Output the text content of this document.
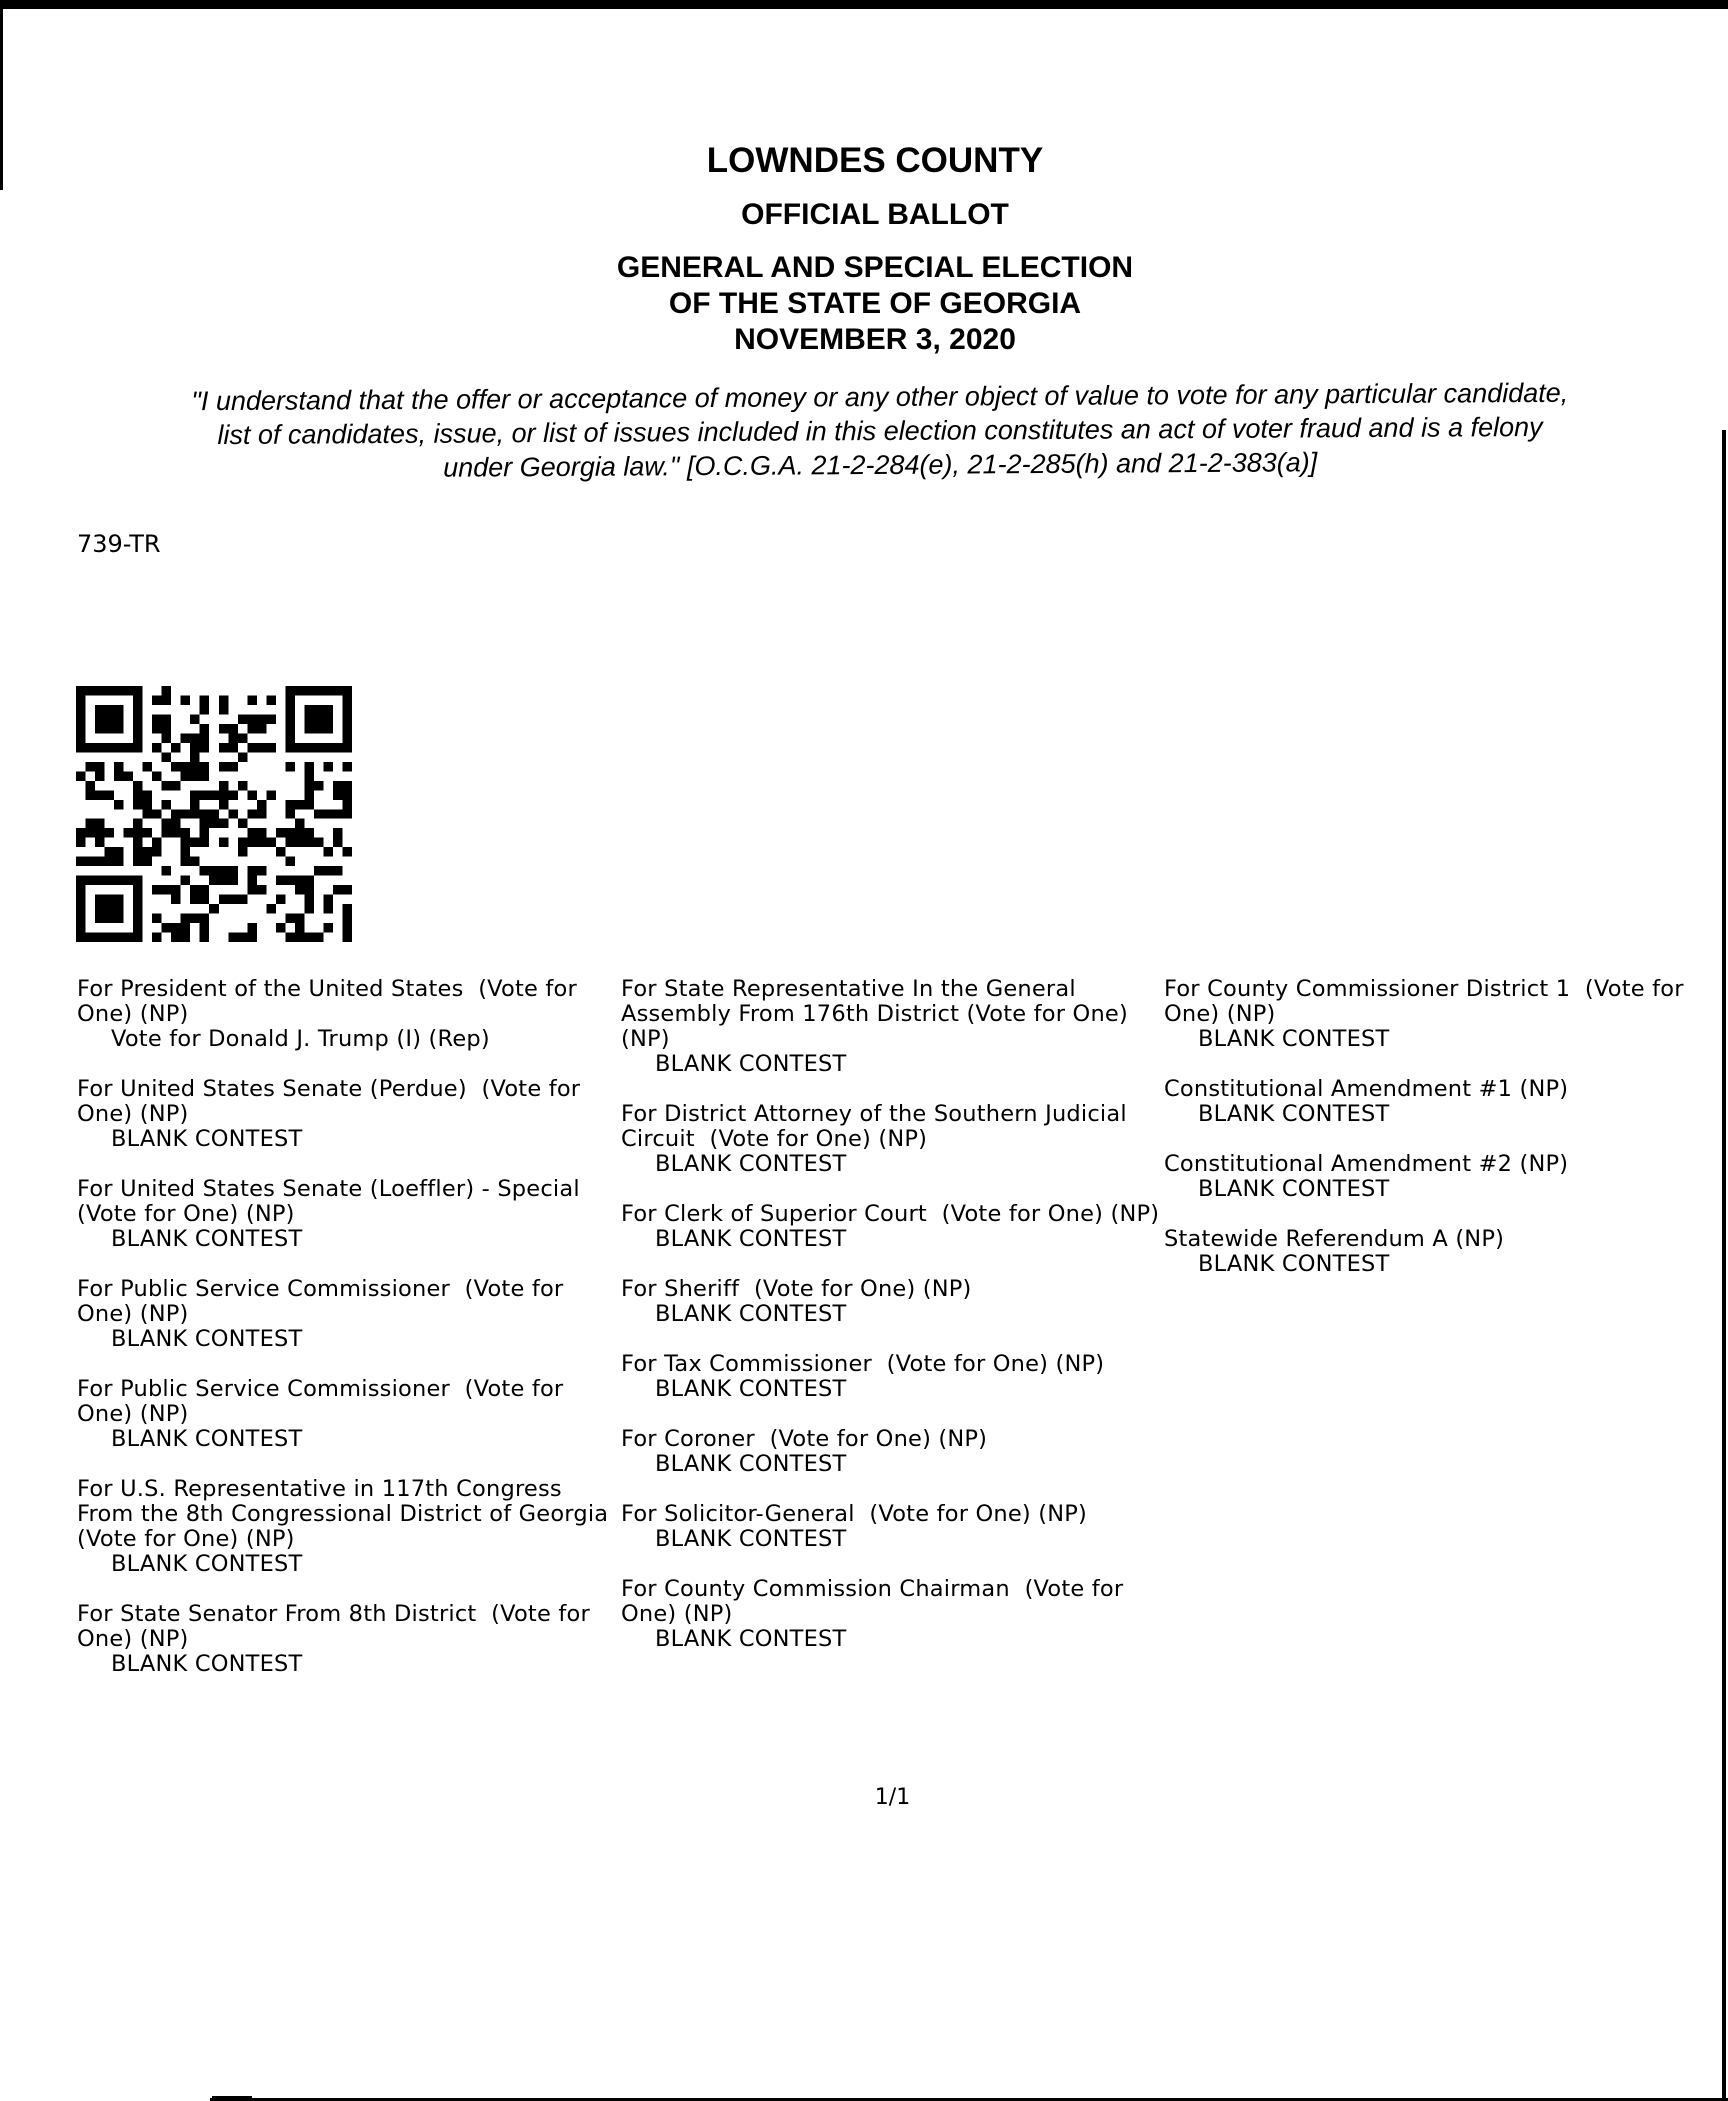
LOWNDES COUNTY
OFFICIAL BALLOT
GENERAL AND SPECIAL ELECTION
OF THE STATE OF GEORGIA
NOVEMBER 3, 2020
"I understand that the offer or acceptance of money or any other object of value to vote for any particular candidate,
list of candidates, issue, or list of issues included in this election constitutes an act of voter fraud and is a felony
under Georgia law." [O.C.G.A. 21-2-284(e), 21-2-285(h) and 21-2-383(a)]
739-TR
For President of the United States  (Vote for One) (NP)
Vote for Donald J. Trump (I) (Rep)
For United States Senate (Perdue)  (Vote for One) (NP)
BLANK CONTEST
For United States Senate (Loeffler) - Special  (Vote for One) (NP)
BLANK CONTEST
For Public Service Commissioner  (Vote for One) (NP)
BLANK CONTEST
For Public Service Commissioner  (Vote for One) (NP)
BLANK CONTEST
For U.S. Representative in 117th Congress From the 8th Congressional District of Georgia (Vote for One) (NP)
BLANK CONTEST
For State Senator From 8th District  (Vote for One) (NP)
BLANK CONTEST
For State Representative In the General Assembly From 176th District (Vote for One) (NP)
BLANK CONTEST
For District Attorney of the Southern Judicial Circuit  (Vote for One) (NP)
BLANK CONTEST
For Clerk of Superior Court  (Vote for One) (NP)
BLANK CONTEST
For Sheriff  (Vote for One) (NP)
BLANK CONTEST
For Tax Commissioner  (Vote for One) (NP)
BLANK CONTEST
For Coroner  (Vote for One) (NP)
BLANK CONTEST
For Solicitor-General  (Vote for One) (NP)
BLANK CONTEST
For County Commission Chairman  (Vote for One) (NP)
BLANK CONTEST
For County Commissioner District 1  (Vote for One) (NP)
BLANK CONTEST
Constitutional Amendment #1 (NP)
BLANK CONTEST
Constitutional Amendment #2 (NP)
BLANK CONTEST
Statewide Referendum A (NP)
BLANK CONTEST
1/1
